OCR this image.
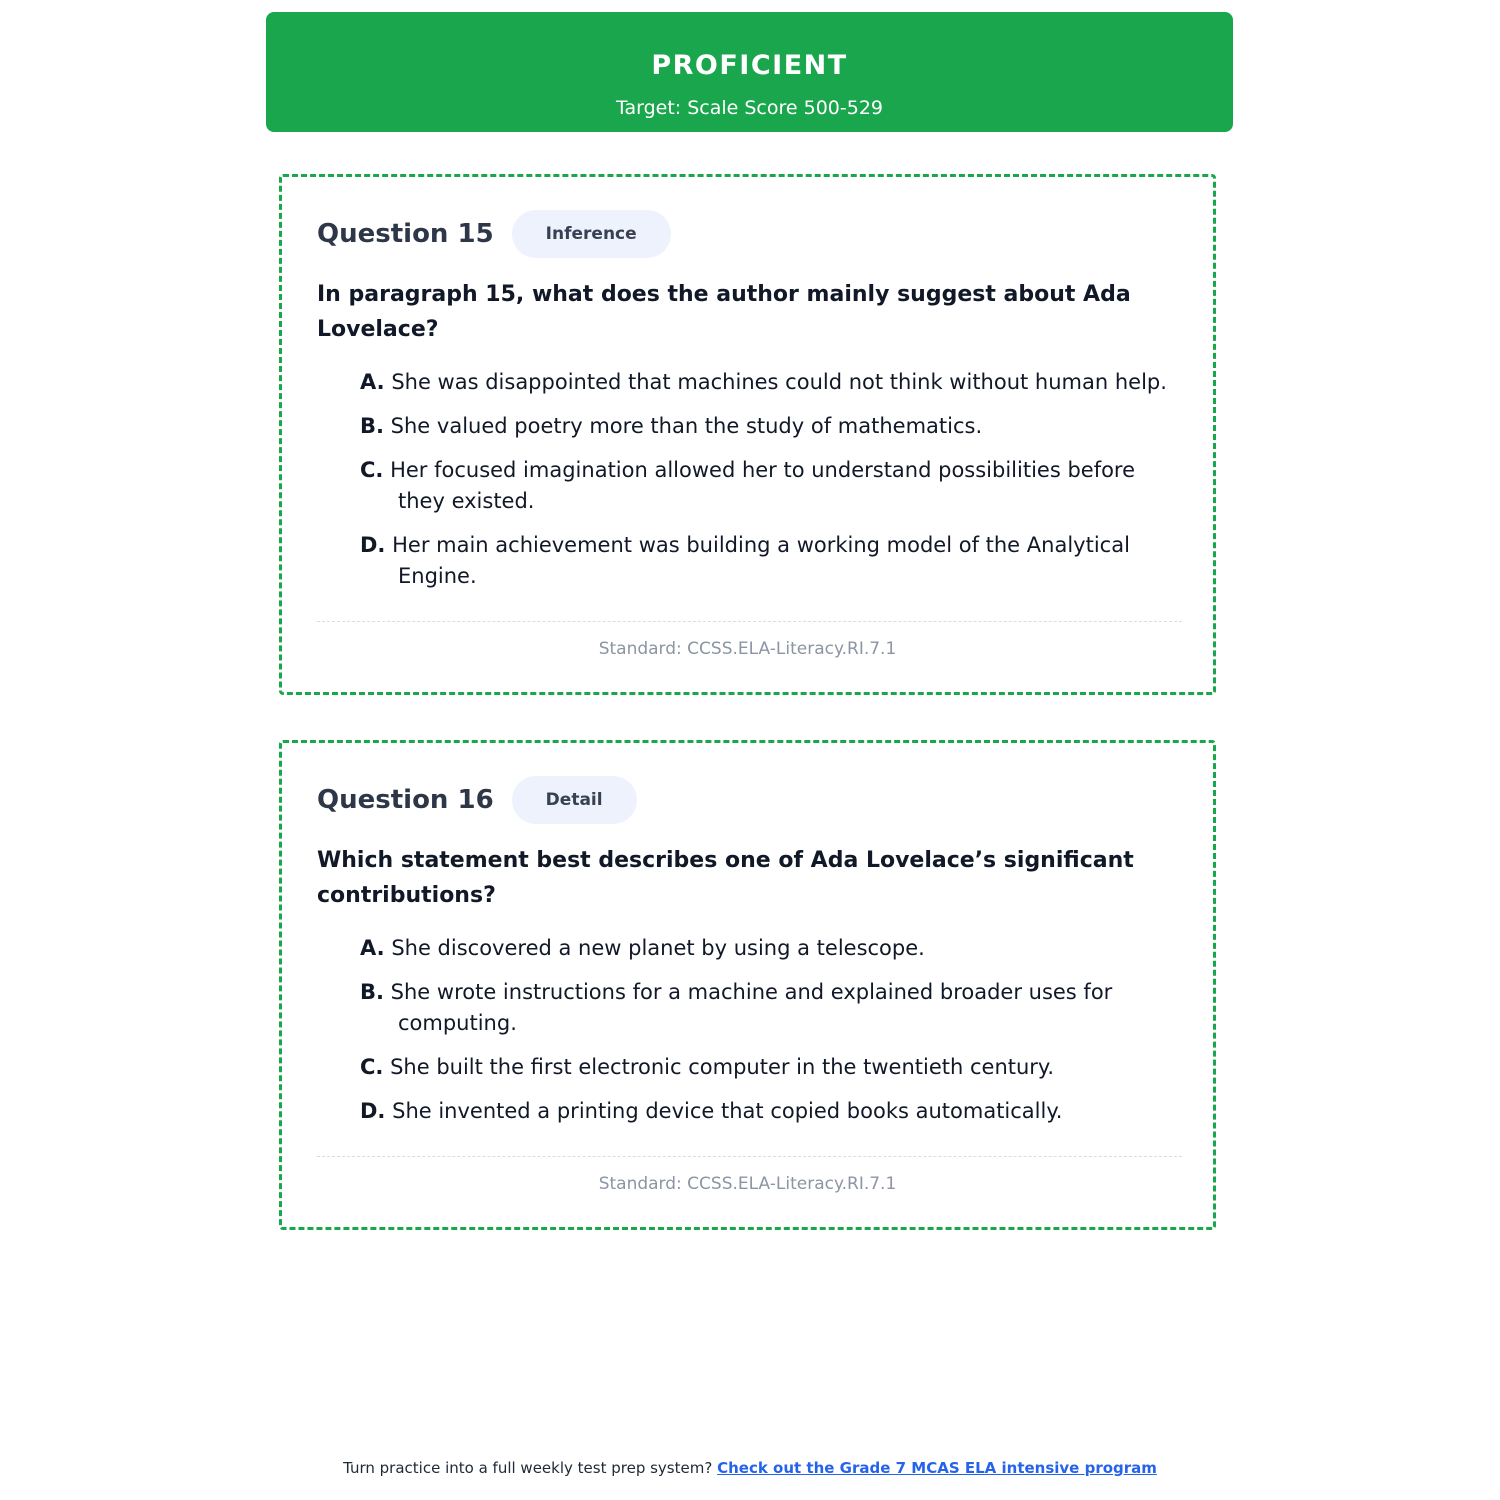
PROFICIENT
Target: Scale Score 500-529
Question 15	Inference
In paragraph 15, what does the author mainly suggest about Ada Lovelace?
A. She was disappointed that machines could not think without human help.
B. She valued poetry more than the study of mathematics.
C. Her focused imagination allowed her to understand possibilities before they existed.
D. Her main achievement was building a working model of the Analytical Engine.
Standard: CCSS.ELA-Literacy.RI.7.1
Question 16	Detail
Which statement best describes one of Ada Lovelace’s significant contributions?
A. She discovered a new planet by using a telescope.
B. She wrote instructions for a machine and explained broader uses for computing.
C. She built the first electronic computer in the twentieth century.
D. She invented a printing device that copied books automatically.
Standard: CCSS.ELA-Literacy.RI.7.1
Turn practice into a full weekly test prep system? Check out the Grade 7 MCAS ELA intensive program
